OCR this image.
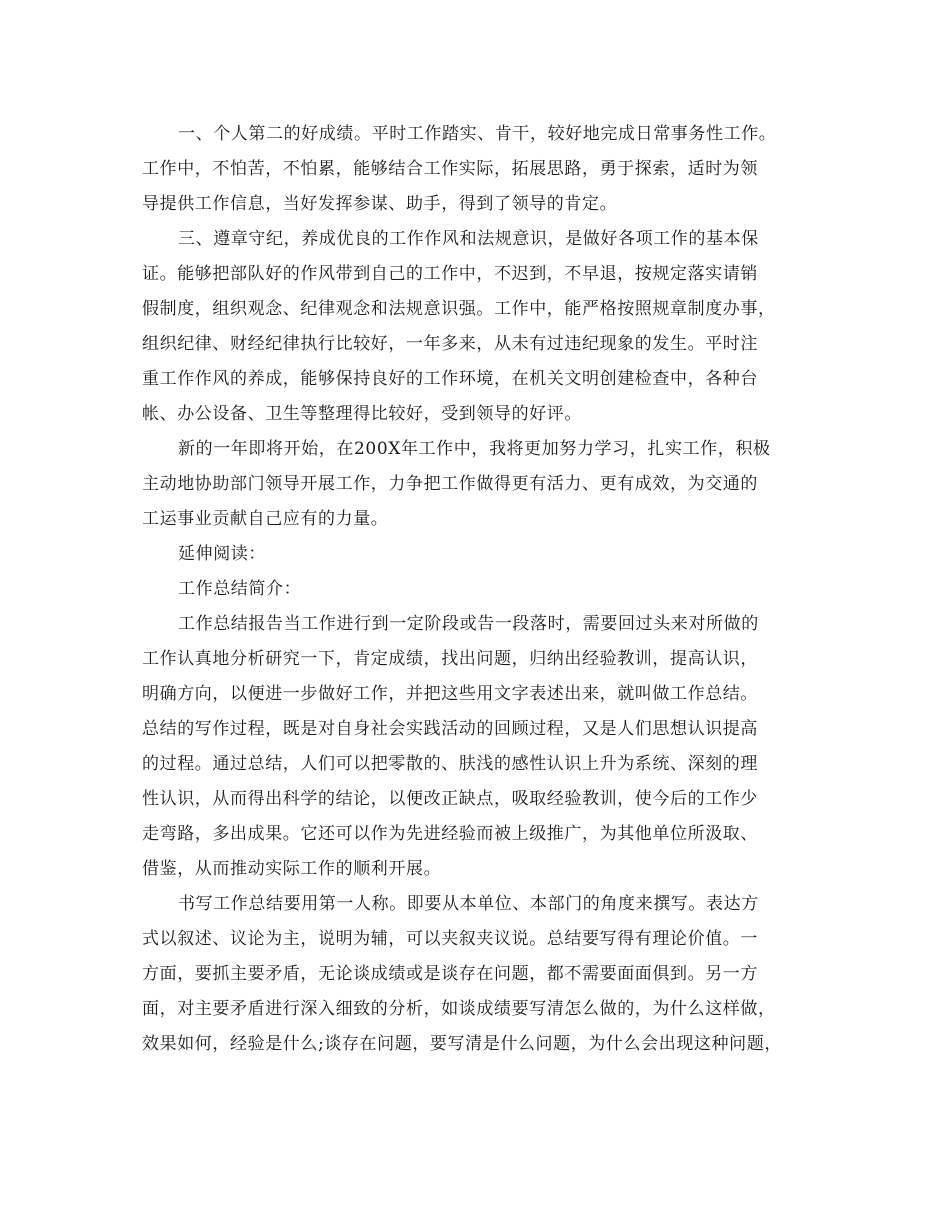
一、个人第二的好成绩。平时工作踏实、肯干，较好地完成日常事务性工作。
工作中，不怕苦，不怕累，能够结合工作实际，拓展思路，勇于探索，适时为领
导提供工作信息，当好发挥参谋、助手，得到了领导的肯定。
三、遵章守纪，养成优良的工作作风和法规意识，是做好各项工作的基本保
证。能够把部队好的作风带到自己的工作中，不迟到，不早退，按规定落实请销
假制度，组织观念、纪律观念和法规意识强。工作中，能严格按照规章制度办事，
组织纪律、财经纪律执行比较好，一年多来，从未有过违纪现象的发生。平时注
重工作作风的养成，能够保持良好的工作环境，在机关文明创建检查中，各种台
帐、办公设备、卫生等整理得比较好，受到领导的好评。
新的一年即将开始，在200X年工作中，我将更加努力学习，扎实工作，积极
主动地协助部门领导开展工作，力争把工作做得更有活力、更有成效，为交通的
工运事业贡献自己应有的力量。
延伸阅读：
工作总结简介：
工作总结报告当工作进行到一定阶段或告一段落时，需要回过头来对所做的
工作认真地分析研究一下，肯定成绩，找出问题，归纳出经验教训，提高认识，
明确方向，以便进一步做好工作，并把这些用文字表述出来，就叫做工作总结。
总结的写作过程，既是对自身社会实践活动的回顾过程，又是人们思想认识提高
的过程。通过总结，人们可以把零散的、肤浅的感性认识上升为系统、深刻的理
性认识，从而得出科学的结论，以便改正缺点，吸取经验教训，使今后的工作少
走弯路，多出成果。它还可以作为先进经验而被上级推广，为其他单位所汲取、
借鉴，从而推动实际工作的顺利开展。
书写工作总结要用第一人称。即要从本单位、本部门的角度来撰写。表达方
式以叙述、议论为主，说明为辅，可以夹叙夹议说。总结要写得有理论价值。一
方面，要抓主要矛盾，无论谈成绩或是谈存在问题，都不需要面面俱到。另一方
面，对主要矛盾进行深入细致的分析，如谈成绩要写清怎么做的，为什么这样做，
效果如何，经验是什么;谈存在问题，要写清是什么问题，为什么会出现这种问题，
